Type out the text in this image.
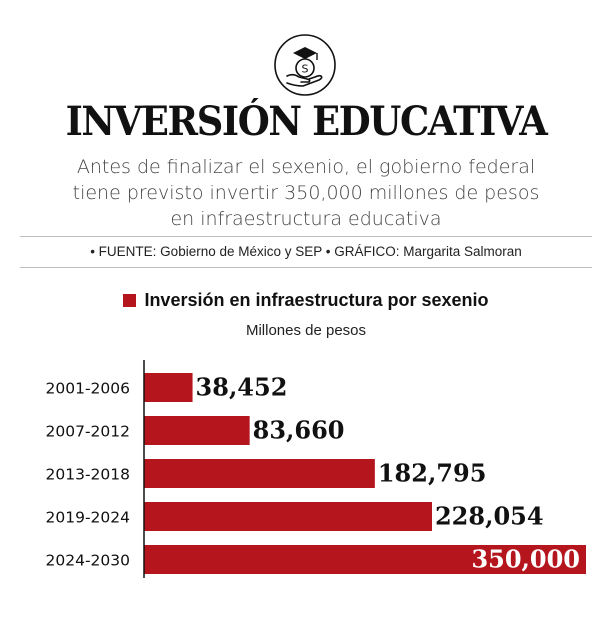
S
INVERSIÓN EDUCATIVA

Antes de finalizar el sexenio, el gobierno federal
tiene previsto invertir 350,000 millones de pesos
en infraestructura educativa

• FUENTE: Gobierno de México y SEP • GRÁFICO: Margarita Salmoran
Inversión en infraestructura por sexenio
Millones de pesos
2001-2006	38,452
2007-2012	83,660
2013-2018	182,795
2019-2024	228,054
2024-2030	350,000
